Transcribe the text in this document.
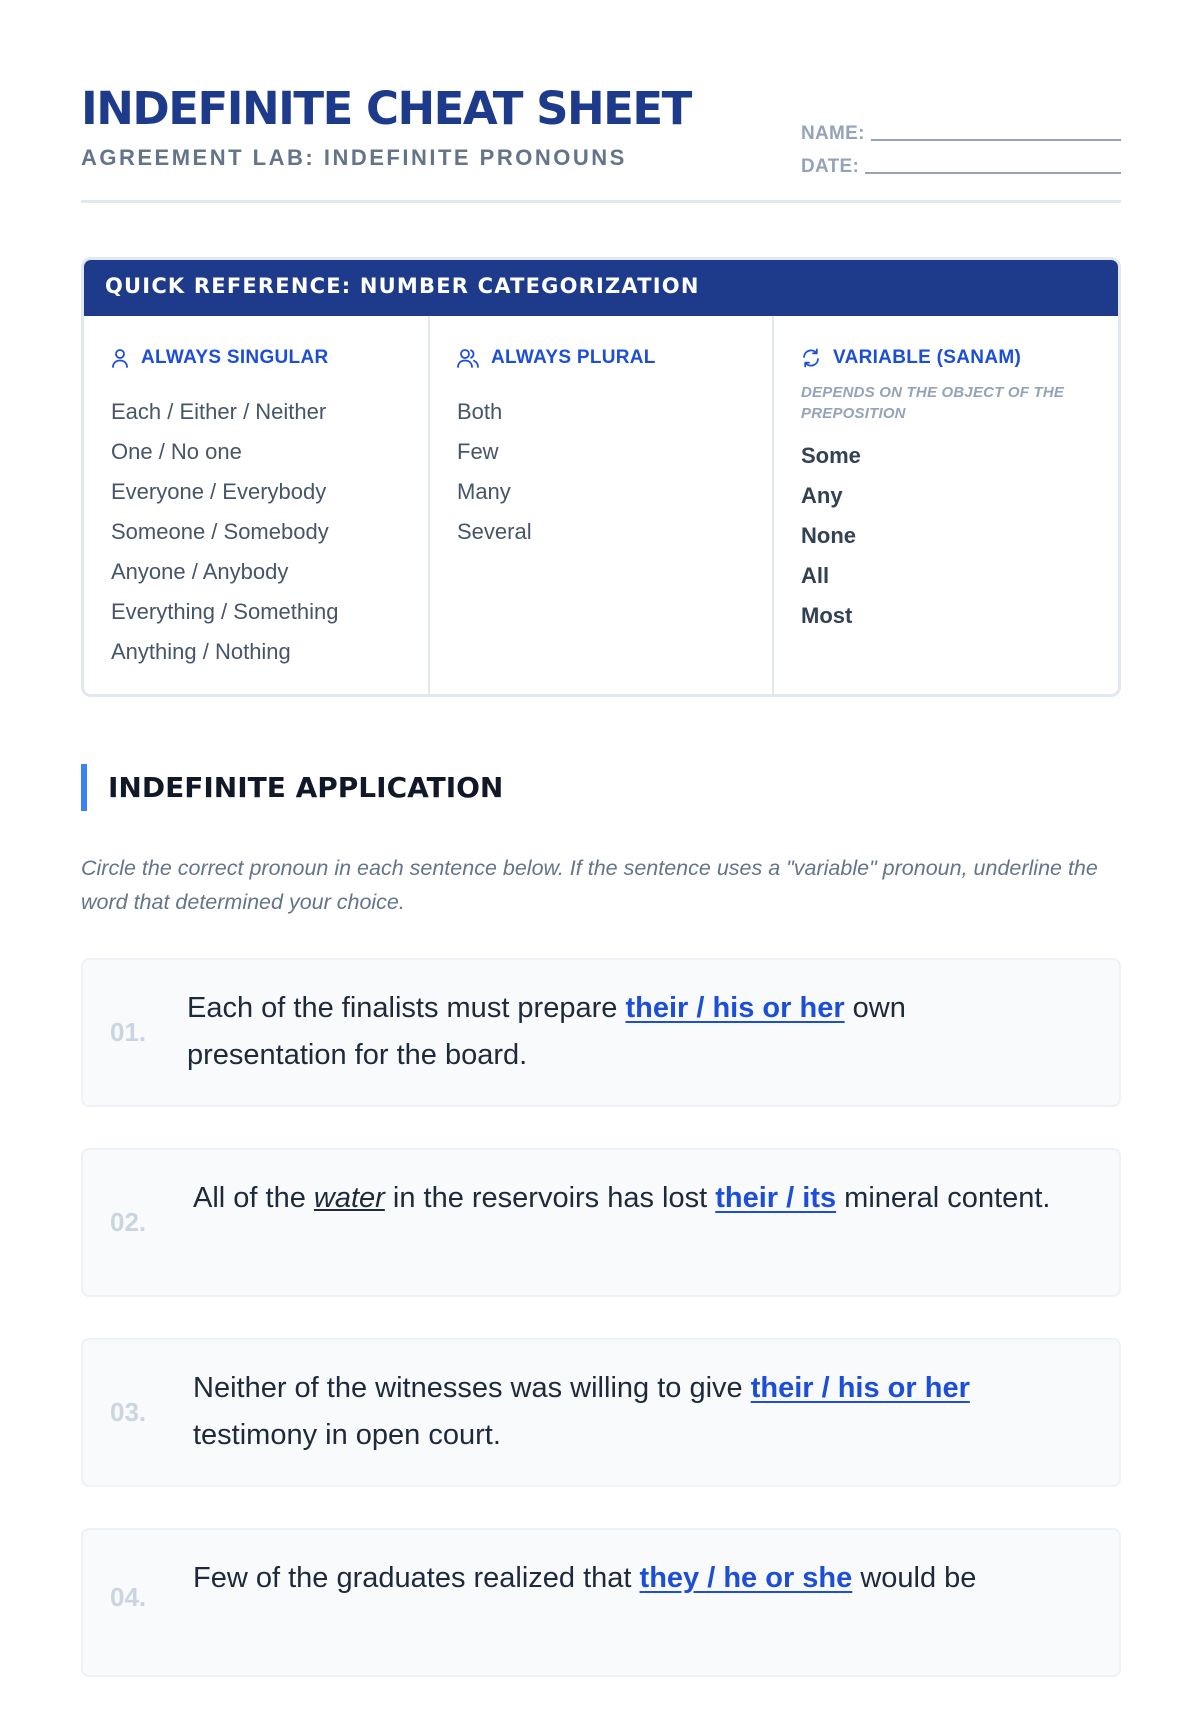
INDEFINITE CHEAT SHEET
AGREEMENT LAB: INDEFINITE PRONOUNS
NAME:
DATE:
QUICK REFERENCE: NUMBER CATEGORIZATION
ALWAYS SINGULAR
Each / Either / Neither
One / No one
Everyone / Everybody
Someone / Somebody
Anyone / Anybody
Everything / Something
Anything / Nothing
ALWAYS PLURAL
Both
Few
Many
Several
VARIABLE (SANAM)
DEPENDS ON THE OBJECT OF THE PREPOSITION
Some
Any
None
All
Most
INDEFINITE APPLICATION
Circle the correct pronoun in each sentence below. If the sentence uses a "variable" pronoun, underline the word that determined your choice.
01.
Each of the finalists must prepare their / his or her own presentation for the board.
02.
All of the water in the reservoirs has lost their / its mineral content.
03.
Neither of the witnesses was willing to give their / his or her testimony in open court.
04.
Few of the graduates realized that they / he or she would be
